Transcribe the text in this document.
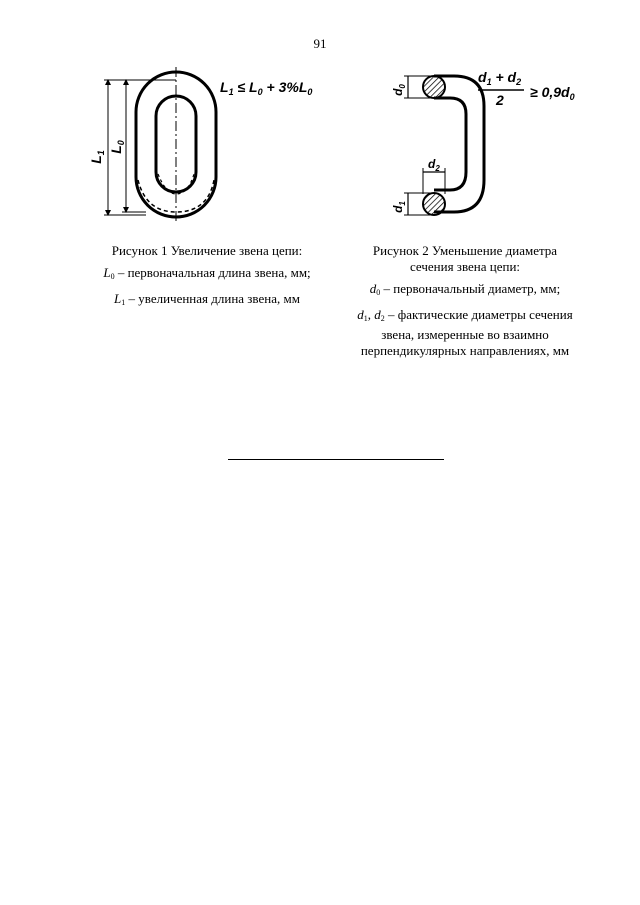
91
$L_1$ $L_0$
$L_1 \le L_0 + 3\%L_0$	$d_0$
$d_2$
$d_1$
$d_1 + d_2$
$2 \ge 0,9d_0$

Рисунок 1 Увеличение звена цепи:

$L_0$ – первоначальная длина звена, мм;

$L_1$ – увеличенная длина звена, мм

Рисунок 2 Уменьшение диаметра

сечения звена цепи:

$d_0$ – первоначальный диаметр, мм;

$d_1$, $d_2$ – фактические диаметры сечения

звена, измеренные во взаимно

перпендикулярных направлениях, мм
